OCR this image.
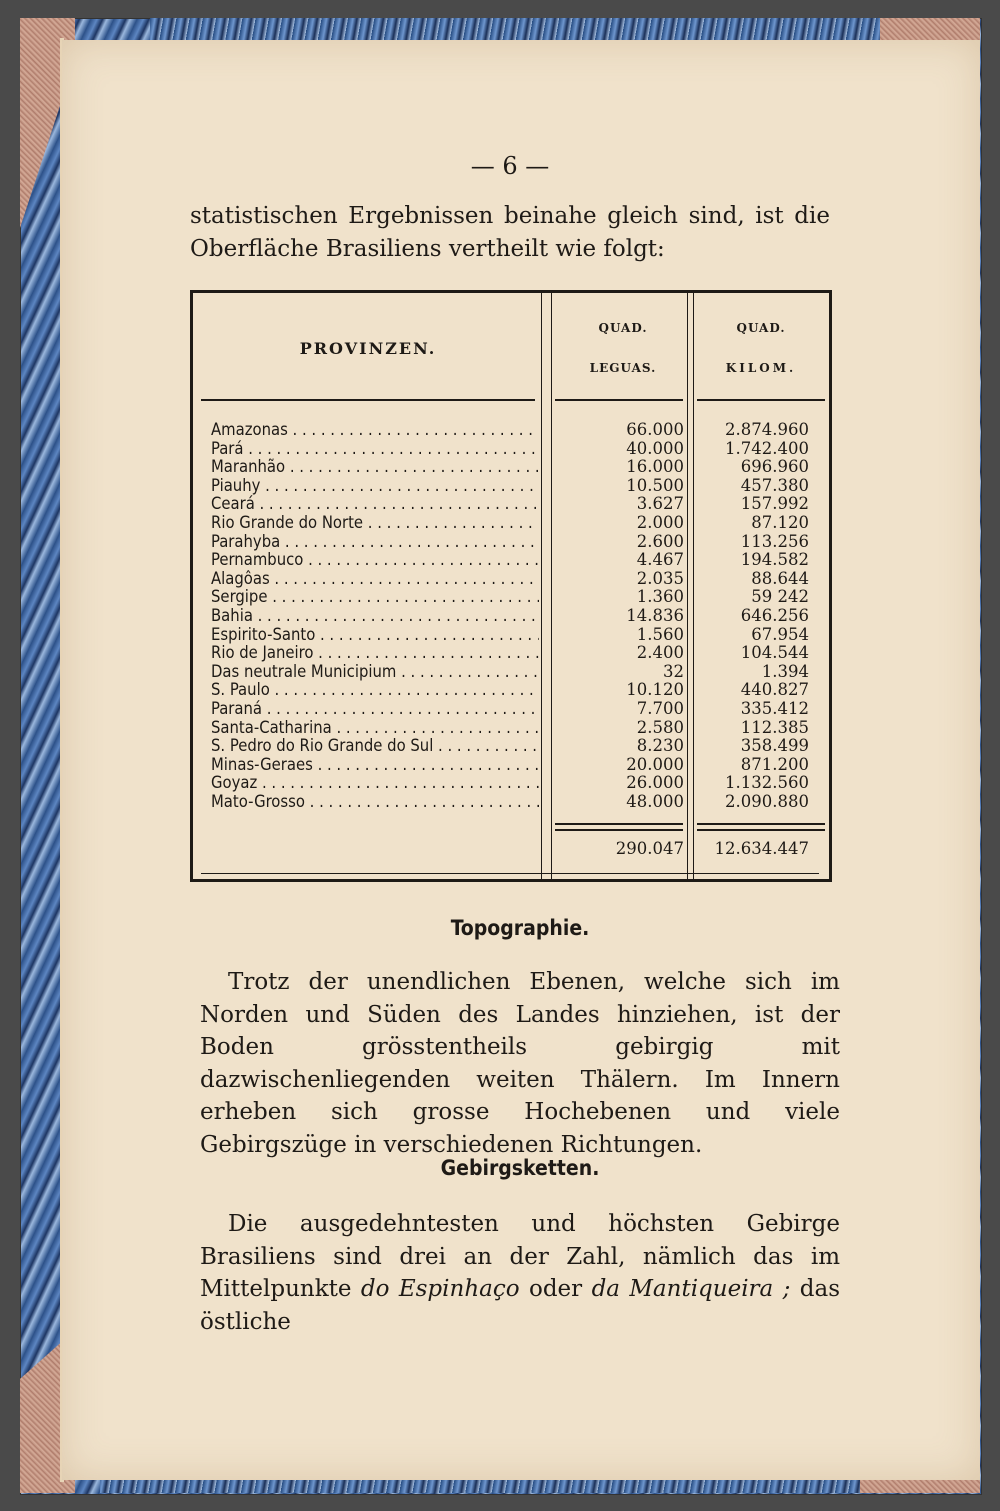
— 6 —
statistischen Ergebnissen beinahe gleich sind, ist die Oberfläche Brasiliens vertheilt wie folgt:
PROVINZEN.
QUAD.
LEGUAS.
QUAD.
KILOM.
Amazonas . . .	66.000	2.874.960
Pará . . .	40.000	1.742.400
Maranhão . . .	16.000	696.960
Piauhy . . .	10.500	457.380
Ceará . . .	3.627	157.992
Rio Grande do Norte . . .	2.000	87.120
Parahyba . . .	2.600	113.256
Pernambuco . . .	4.467	194.582
Alagôas . . .	2.035	88.644
Sergipe . . .	1.360	59 242
Bahia . . .	14.836	646.256
Espirito-Santo . . .	1.560	67.954
Rio de Janeiro . . .	2.400	104.544
Das neutrale Municipium . . .	32	1.394
S. Paulo . . .	10.120	440.827
Paraná . . .	7.700	335.412
Santa-Catharina . . .	2.580	112.385
S. Pedro do Rio Grande do Sul . . .	8.230	358.499
Minas-Geraes . . .	20.000	871.200
Goyaz . . .	26.000	1.132.560
Mato-Grosso . . .	48.000	2.090.880
290.047	12.634.447
Topographie.
Trotz der unendlichen Ebenen, welche sich im Norden und Süden des Landes hinziehen, ist der Boden grösstentheils gebirgig mit dazwischenliegenden weiten Thälern. Im Innern erheben sich grosse Hochebenen und viele Gebirgszüge in verschiedenen Richtungen.
Gebirgsketten.
Die ausgedehntesten und höchsten Gebirge Brasiliens sind drei an der Zahl, nämlich das im Mittelpunkte do Espinhaço oder da Mantiqueira ; das östliche
